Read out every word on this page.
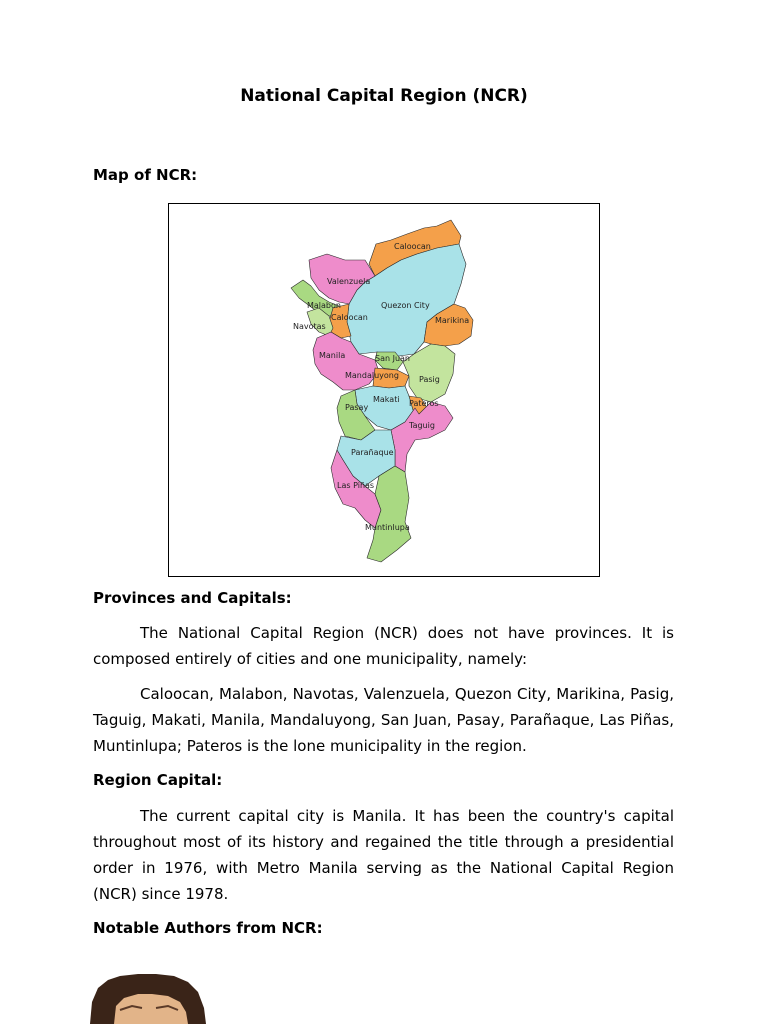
National Capital Region (NCR)

Map of NCR:

Caloocan
Valenzuela
Malabon
Caloocan
Navotas
Quezon City
Marikina
Manila	San Juan
Mandaluyong	Pasig
Makati
Pasay	Pateros
Taguig
Parañaque
Las Piñas
Muntinlupa

Provinces and Capitals:

The National Capital Region (NCR) does not have provinces. It is composed entirely of cities and one municipality, namely:

Caloocan, Malabon, Navotas, Valenzuela, Quezon City, Marikina, Pasig, Taguig, Makati, Manila, Mandaluyong, San Juan, Pasay, Parañaque, Las Piñas, Muntinlupa; Pateros is the lone municipality in the region.

Region Capital:

The current capital city is Manila. It has been the country's capital throughout most of its history and regained the title through a presidential order in 1976, with Metro Manila serving as the National Capital Region (NCR) since 1978.

Notable Authors from NCR:
